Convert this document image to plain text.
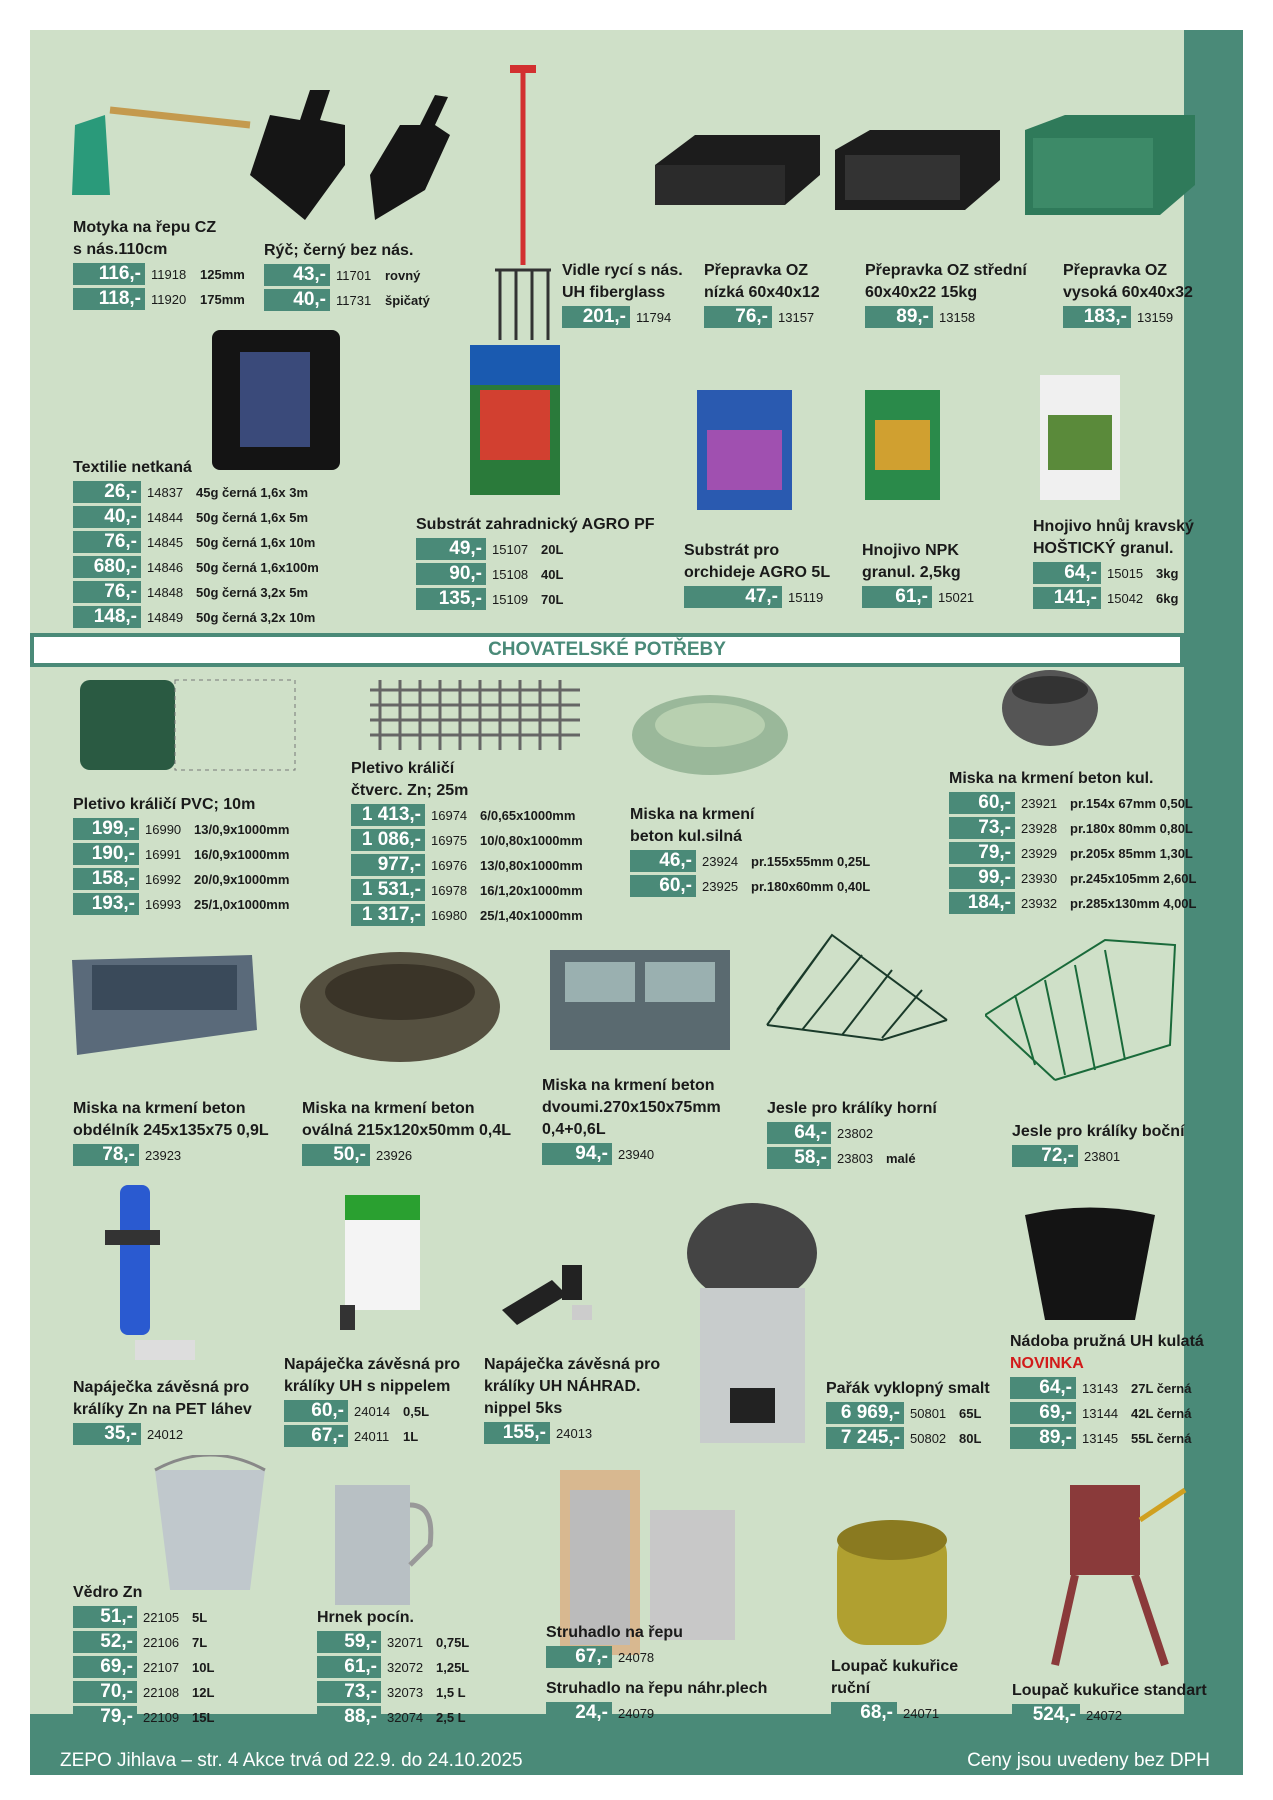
CHOVATELSKÉ POTŘEBY
Motyka na řepu CZ
s nás.110cm
116,- 11918	125mm
118,- 11920	175mm
Rýč; černý bez nás.
43,- 11701	rovný
40,- 11731	špičatý
Vidle rycí s nás.
UH fiberglass
201,- 11794
Přepravka OZ
nízká 60x40x12
76,- 13157
Přepravka OZ střední
60x40x22 15kg
89,- 13158
Přepravka OZ
vysoká 60x40x32
183,- 13159
Textilie netkaná
26,- 14837 45g černá 1,6x 3m
40,- 14844 50g černá 1,6x 5m
76,- 14845 50g černá 1,6x 10m
680,- 14846 50g černá 1,6x100m
76,- 14848 50g černá 3,2x 5m
148,- 14849 50g černá 3,2x 10m
Substrát zahradnický AGRO PF
49,- 15107 20L
90,- 15108 40L
135,- 15109 70L
Substrát pro
orchideje AGRO 5L
47,- 15119
Hnojivo NPK
granul. 2,5kg
61,- 15021
Hnojivo hnůj kravský
HOŠTICKÝ granul.
64,- 15015 3kg
141,- 15042 6kg
Pletivo králičí PVC; 10m
199,- 16990 13/0,9x1000mm
190,- 16991 16/0,9x1000mm
158,- 16992 20/0,9x1000mm
193,- 16993 25/1,0x1000mm
Pletivo králičí
čtverc. Zn; 25m
1 413,- 16974 6/0,65x1000mm
1 086,- 16975 10/0,80x1000mm
977,- 16976 13/0,80x1000mm
1 531,- 16978 16/1,20x1000mm
1 317,- 16980 25/1,40x1000mm
Miska na krmení
beton kul.silná
46,- 23924 pr.155x55mm 0,25L
60,- 23925 pr.180x60mm 0,40L
Miska na krmení beton kul.
60,- 23921 pr.154x 67mm 0,50L
73,- 23928 pr.180x 80mm 0,80L
79,- 23929 pr.205x 85mm 1,30L
99,- 23930 pr.245x105mm 2,60L
184,- 23932 pr.285x130mm 4,00L
Miska na krmení beton
obdélník 245x135x75 0,9L
78,- 23923
Miska na krmení beton
oválná 215x120x50mm 0,4L
50,- 23926
Miska na krmení beton
dvoumi.270x150x75mm
0,4+0,6L
94,- 23940
Jesle pro králíky horní
64,- 23802
58,- 23803 malé
Jesle pro králíky boční
72,- 23801
Napáječka závěsná pro
králíky Zn na PET láhev
35,- 24012
Napáječka závěsná pro
králíky UH s nippelem
60,- 24014 0,5L
67,- 24011	1L
Napáječka závěsná pro
králíky UH NÁHRAD.
nippel 5ks
155,- 24013
Pařák vyklopný smalt
6 969,- 50801 65L
7 245,- 50802 80L
Nádoba pružná UH kulatá
NOVINKA
64,- 13143 27L černá
69,- 13144 42L černá
89,- 13145 55L černá
Vědro Zn
51,- 22105 5L
52,- 22106 7L
69,- 22107 10L
70,- 22108 12L
79,- 22109 15L
Hrnek pocín.
59,- 32071 0,75L
61,- 32072 1,25L
73,- 32073 1,5 L
88,- 32074 2,5 L
Struhadlo na řepu
67,- 24078
Struhadlo na řepu náhr.plech
24,- 24079
Loupač kukuřice
ruční
68,- 24071
Loupač kukuřice standart
524,- 24072
ZEPO Jihlava – str. 4 Akce trvá od 22.9. do 24.10.2025	Ceny jsou uvedeny bez DPH
